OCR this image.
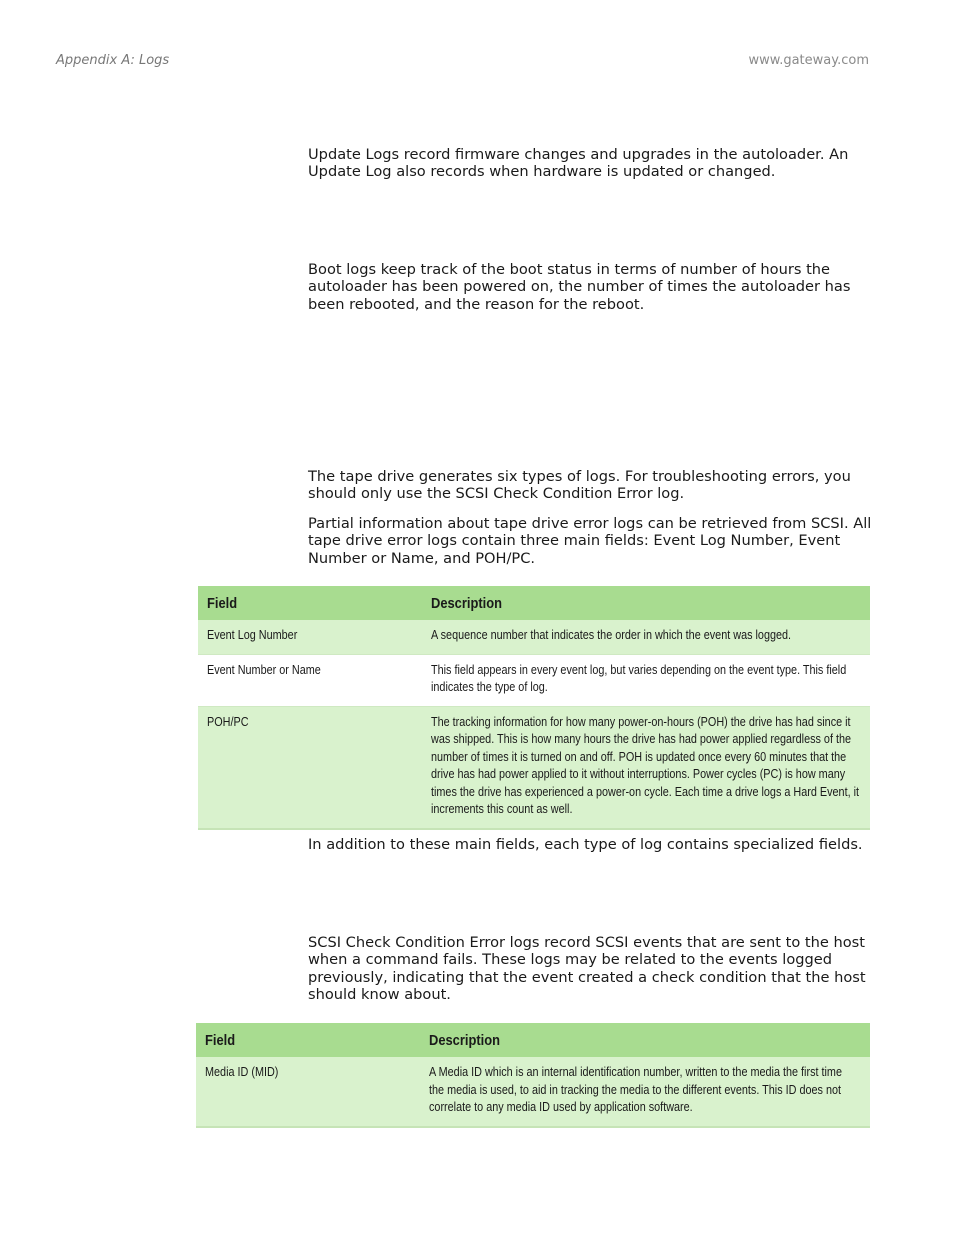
Appendix A: Logs	www.gateway.com

Update Logs record firmware changes and upgrades in the autoloader. An Update Log also records when hardware is updated or changed.

Boot logs keep track of the boot status in terms of number of hours the autoloader has been powered on, the number of times the autoloader has been rebooted, and the reason for the reboot.

The tape drive generates six types of logs. For troubleshooting errors, you should only use the SCSI Check Condition Error log.

Partial information about tape drive error logs can be retrieved from SCSI. All tape drive error logs contain three main fields: Event Log Number, Event Number or Name, and POH/PC.

Field	Description
Event Log Number	A sequence number that indicates the order in which the event was logged.
Event Number or Name	This field appears in every event log, but varies depending on the event type. This field indicates the type of log.
POH/PC	The tracking information for how many power-on-hours (POH) the drive has had since it was shipped. This is how many hours the drive has had power applied regardless of the number of times it is turned on and off. POH is updated once every 60 minutes that the drive has had power applied to it without interruptions. Power cycles (PC) is how many times the drive has experienced a power-on cycle. Each time a drive logs a Hard Event, it increments this count as well.

In addition to these main fields, each type of log contains specialized fields.

SCSI Check Condition Error logs record SCSI events that are sent to the host when a command fails. These logs may be related to the events logged previously, indicating that the event created a check condition that the host should know about.

Field	Description
Media ID (MID)	A Media ID which is an internal identification number, written to the media the first time the media is used, to aid in tracking the media to the different events. This ID does not correlate to any media ID used by application software.
